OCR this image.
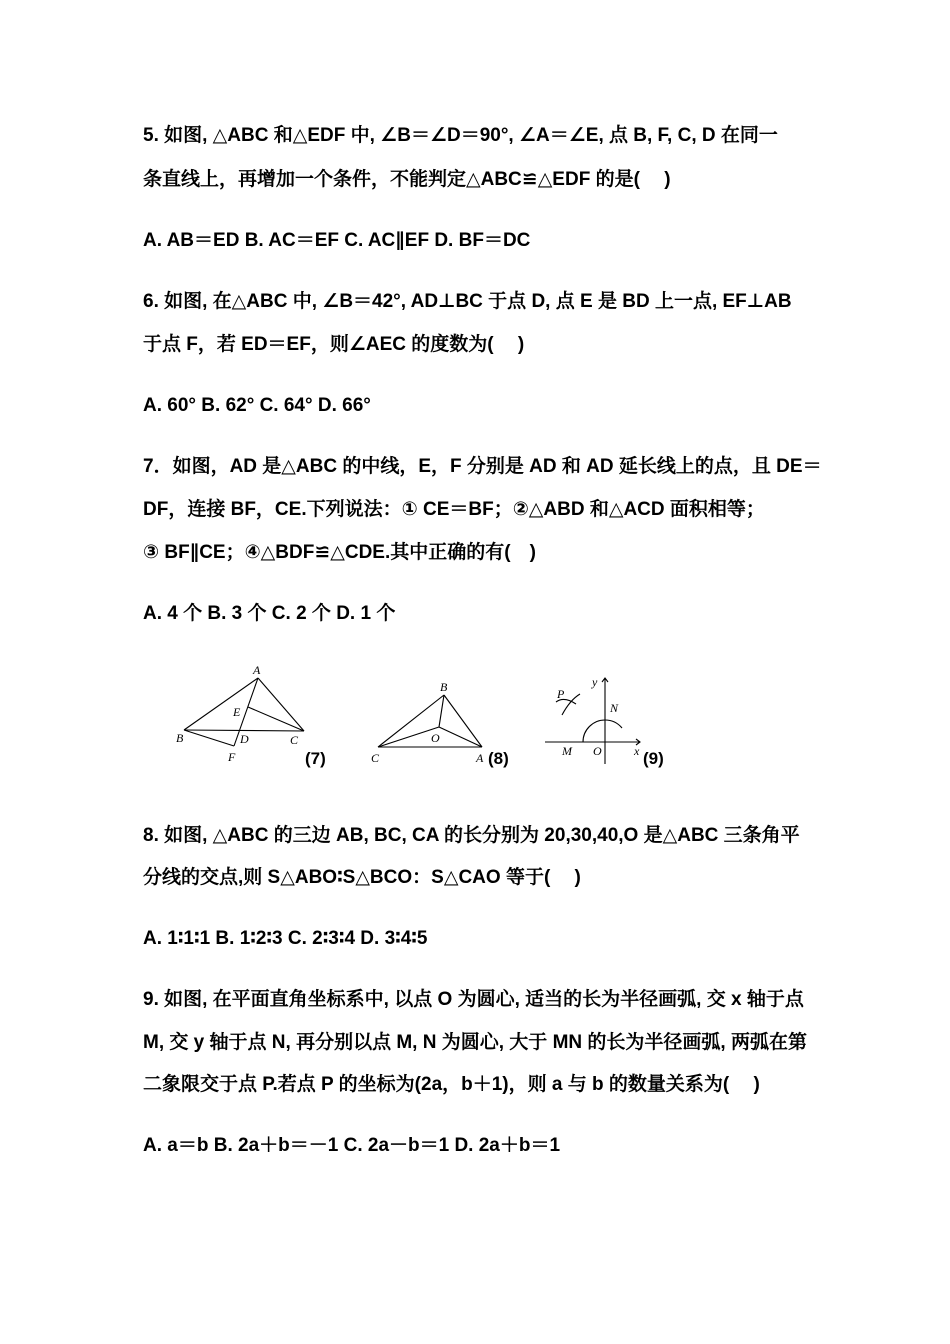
5. 如图, △ABC 和△EDF 中, ∠B＝∠D＝90°, ∠A＝∠E, 点 B, F, C, D 在同一
条直线上，再增加一个条件，不能判定△ABC≌△EDF 的是(　 )
A. AB＝ED B. AC＝EF C. AC∥EF D. BF＝DC
6. 如图, 在△ABC 中, ∠B＝42°, AD⊥BC 于点 D, 点 E 是 BD 上一点, EF⊥AB
于点 F，若 ED＝EF，则∠AEC 的度数为(　 )
A. 60° B. 62° C. 64° D. 66°
7．如图，AD 是△ABC 的中线，E，F 分别是 AD 和 AD 延长线上的点，且 DE＝
DF，连接 BF，CE.下列说法：① CE＝BF；②△ABD 和△ACD 面积相等；
③ BF∥CE；④△BDF≌△CDE.其中正确的有(　)
A. 4 个 B. 3 个 C. 2 个 D. 1 个
A
B	C
D
E
F	(7)
B
C	A
O
(8)
P
N
M O	x
y
(9)
8. 如图, △ABC 的三边 AB, BC, CA 的长分别为 20,30,40,O 是△ABC 三条角平
分线的交点,则 S△ABO∶S△BCO：S△CAO 等于(　 )
A. 1∶1∶1 B. 1∶2∶3 C. 2∶3∶4 D. 3∶4∶5
9. 如图, 在平面直角坐标系中, 以点 O 为圆心, 适当的长为半径画弧, 交 x 轴于点
M, 交 y 轴于点 N, 再分别以点 M, N 为圆心, 大于 MN 的长为半径画弧, 两弧在第
二象限交于点 P.若点 P 的坐标为(2a，b＋1)，则 a 与 b 的数量关系为(　 )
A. a＝b B. 2a＋b＝－1 C. 2a－b＝1 D. 2a＋b＝1
